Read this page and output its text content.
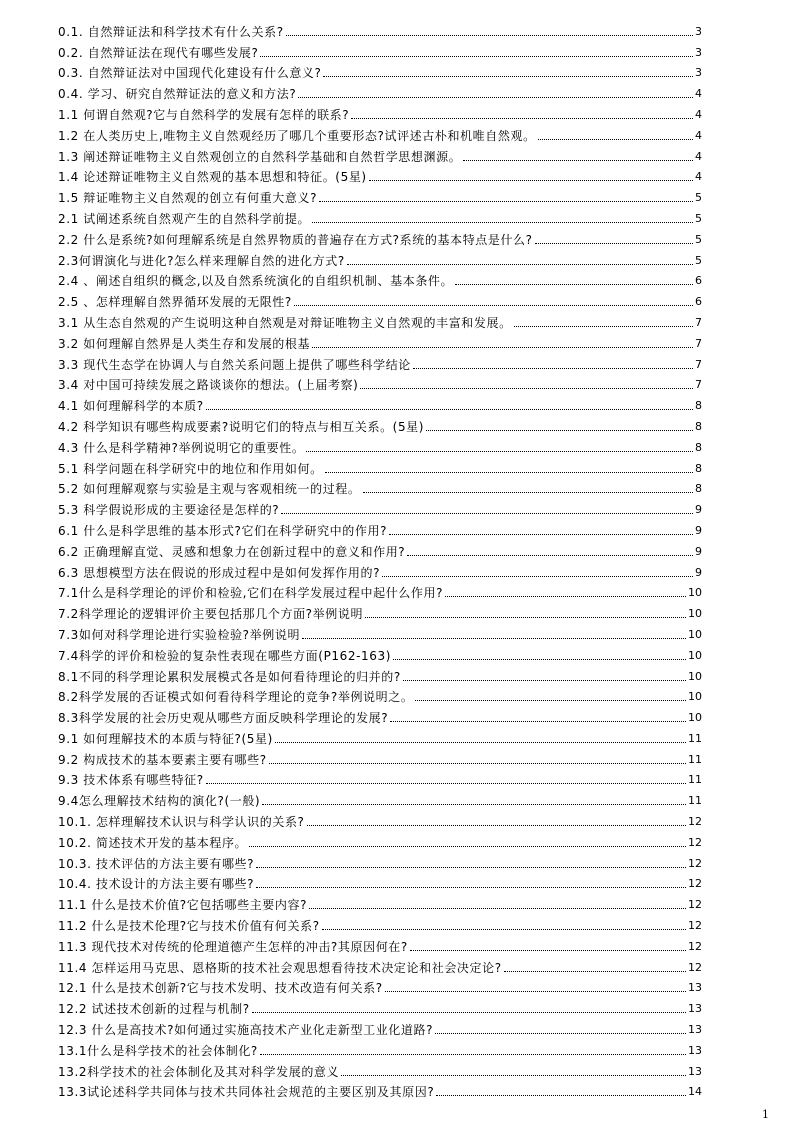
0.1. 自然辩证法和科学技术有什么关系?	3
0.2. 自然辩证法在现代有哪些发展?	3
0.3. 自然辩证法对中国现代化建设有什么意义?	3
0.4. 学习、研究自然辩证法的意义和方法?	4
1.1 何谓自然观?它与自然科学的发展有怎样的联系?	4
1.2 在人类历史上,唯物主义自然观经历了哪几个重要形态?试评述古朴和机唯自然观。	4
1.3 阐述辩证唯物主义自然观创立的自然科学基础和自然哲学思想渊源。	4
1.4 论述辩证唯物主义自然观的基本思想和特征。(5星)	4
1.5 辩证唯物主义自然观的创立有何重大意义?	5
2.1 试阐述系统自然观产生的自然科学前提。	5
2.2 什么是系统?如何理解系统是自然界物质的普遍存在方式?系统的基本特点是什么?	5
2.3何谓演化与进化?怎么样来理解自然的进化方式?	5
2.4 、阐述自组织的概念,以及自然系统演化的自组织机制、基本条件。	6
2.5 、怎样理解自然界循环发展的无限性?	6
3.1 从生态自然观的产生说明这种自然观是对辩证唯物主义自然观的丰富和发展。	7
3.2 如何理解自然界是人类生存和发展的根基	7
3.3 现代生态学在协调人与自然关系问题上提供了哪些科学结论	7
3.4 对中国可持续发展之路谈谈你的想法。(上届考察)	7
4.1 如何理解科学的本质?	8
4.2 科学知识有哪些构成要素?说明它们的特点与相互关系。(5星)	8
4.3 什么是科学精神?举例说明它的重要性。	8
5.1 科学问题在科学研究中的地位和作用如何。	8
5.2 如何理解观察与实验是主观与客观相统一的过程。	8
5.3 科学假说形成的主要途径是怎样的?	9
6.1 什么是科学思维的基本形式?它们在科学研究中的作用?	9
6.2 正确理解直觉、灵感和想象力在创新过程中的意义和作用?	9
6.3 思想模型方法在假说的形成过程中是如何发挥作用的?	9
7.1什么是科学理论的评价和检验,它们在科学发展过程中起什么作用?	10
7.2科学理论的逻辑评价主要包括那几个方面?举例说明	10
7.3如何对科学理论进行实验检验?举例说明	10
7.4科学的评价和检验的复杂性表现在哪些方面(P162-163)	10
8.1不同的科学理论累积发展模式各是如何看待理论的归并的?	10
8.2科学发展的否证模式如何看待科学理论的竞争?举例说明之。	10
8.3科学发展的社会历史观从哪些方面反映科学理论的发展?	10
9.1 如何理解技术的本质与特征?(5星)	11
9.2 构成技术的基本要素主要有哪些?	11
9.3 技术体系有哪些特征?	11
9.4怎么理解技术结构的演化?(一般)	11
10.1. 怎样理解技术认识与科学认识的关系?	12
10.2. 简述技术开发的基本程序。	12
10.3. 技术评估的方法主要有哪些?	12
10.4. 技术设计的方法主要有哪些?	12
11.1 什么是技术价值?它包括哪些主要内容?	12
11.2 什么是技术伦理?它与技术价值有何关系?	12
11.3 现代技术对传统的伦理道德产生怎样的冲击?其原因何在?	12
11.4 怎样运用马克思、恩格斯的技术社会观思想看待技术决定论和社会决定论?	12
12.1 什么是技术创新?它与技术发明、技术改造有何关系?	13
12.2 试述技术创新的过程与机制?	13
12.3 什么是高技术?如何通过实施高技术产业化走新型工业化道路?	13
13.1什么是科学技术的社会体制化?	13
13.2科学技术的社会体制化及其对科学发展的意义	13
13.3试论述科学共同体与技术共同体社会规范的主要区别及其原因?	14
1
